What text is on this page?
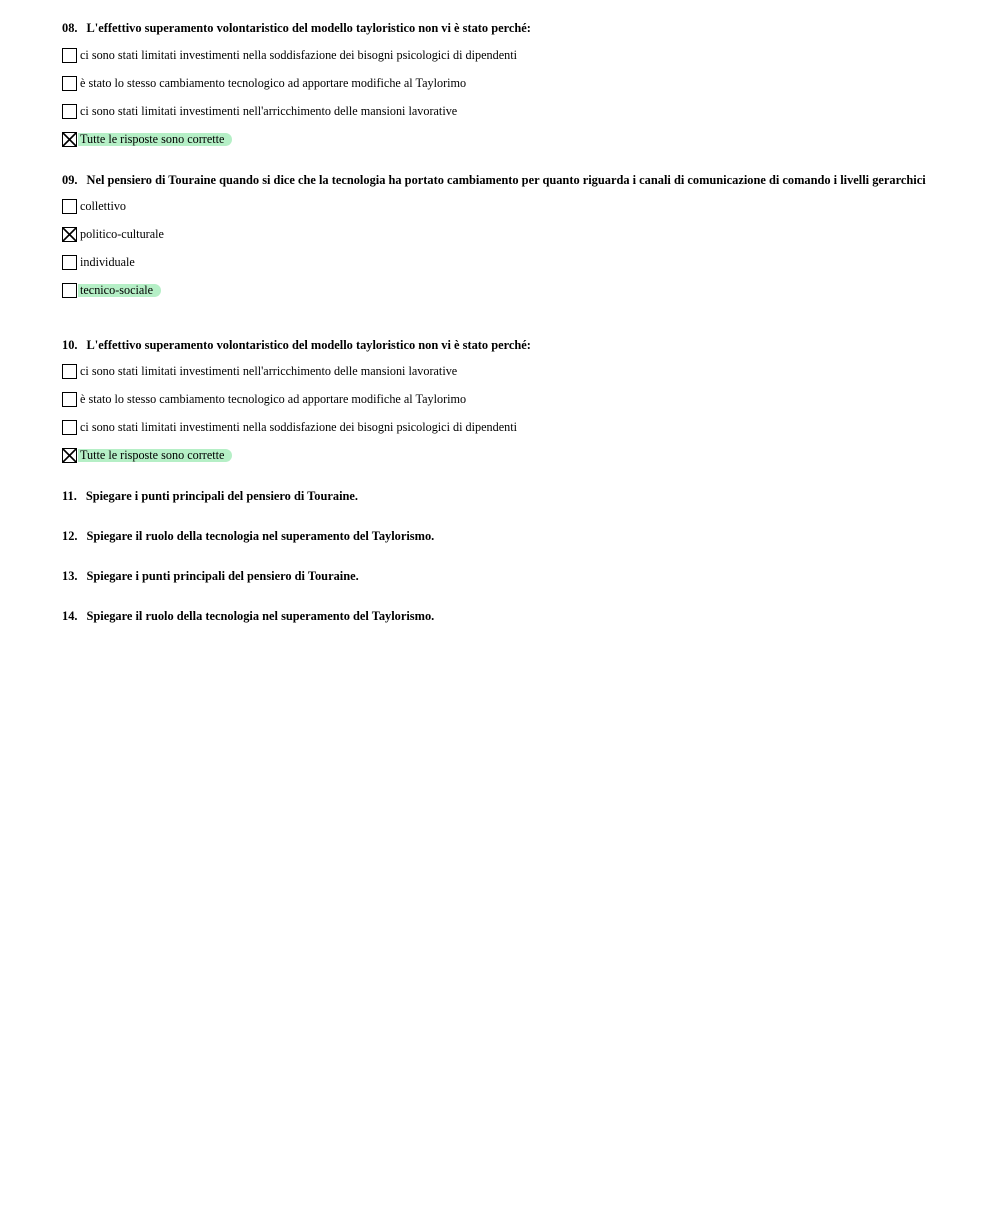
08. L'effettivo superamento volontaristico del modello tayloristico non vi è stato perché:

ci sono stati limitati investimenti nella soddisfazione dei bisogni psicologici di dipendenti
è stato lo stesso cambiamento tecnologico ad apportare modifiche al Taylorimo
ci sono stati limitati investimenti nell'arricchimento delle mansioni lavorative
Tutte le risposte sono corrette

09. Nel pensiero di Touraine quando si dice che la tecnologia ha portato cambiamento per quanto riguarda i canali di comunicazione di comando i livelli gerarchici

collettivo
politico-culturale
individuale
tecnico-sociale

10. L'effettivo superamento volontaristico del modello tayloristico non vi è stato perché:

ci sono stati limitati investimenti nell'arricchimento delle mansioni lavorative
è stato lo stesso cambiamento tecnologico ad apportare modifiche al Taylorimo
ci sono stati limitati investimenti nella soddisfazione dei bisogni psicologici di dipendenti
Tutte le risposte sono corrette
11. Spiegare i punti principali del pensiero di Touraine.
12. Spiegare il ruolo della tecnologia nel superamento del Taylorismo.
13. Spiegare i punti principali del pensiero di Touraine.
14. Spiegare il ruolo della tecnologia nel superamento del Taylorismo.
